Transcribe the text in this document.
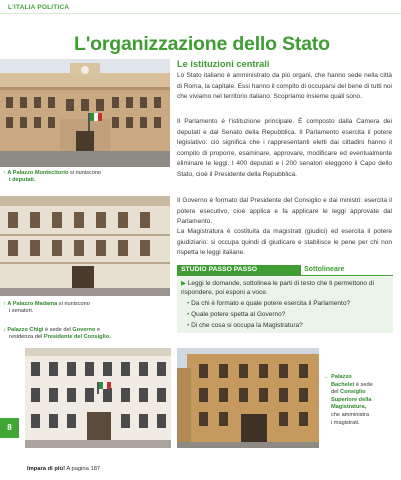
L'ITALIA POLITICA
L'organizzazione dello Stato
↑ A Palazzo Montecitorio si riuniscono
i deputati.
↑ A Palazzo Madama si riuniscono
i senatori.
↓ Palazzo Chigi è sede del Governo e
residenza del Presidente del Consiglio.
Le istituzioni centrali
Lo Stato italiano è amministrato da più organi, che hanno sede nella città di Roma, la capitale. Essi hanno il compito di occuparsi del bene di tutti noi che viviamo nel territorio italiano. Scopriamo insieme quali sono.
Il Parlamento è l'istituzione principale. È composto dalla Camera dei deputati e dal Senato della Repubblica. Il Parlamento esercita il potere legislativo: ciò significa che i rappresentanti eletti dai cittadini hanno il compito di proporre, esaminare, approvare, modificare ed eventualmente eliminare le leggi. I 400 deputati e i 200 senatori eleggono il Capo dello Stato, cioè il Presidente della Repubblica.
Il Governo è formato dal Presidente del Consiglio e dai ministri: esercita il potere esecutivo, cioè applica e fa applicare le leggi approvate dal Parlamento.
La Magistratura è costituita da magistrati (giudici) ed esercita il potere giudiziario: si occupa quindi di giudicare e stabilisce le pene per chi non rispetta le leggi italiane.
STUDIO PASSO PASSO	Sottolineare
▶ Leggi le domande, sottolinea le parti di testo che ti permettono di rispondere, poi esponi a voce.
• Da chi è formato e quale potere esercita il Parlamento?
• Quale potere spetta al Governo?
• Di che cosa si occupa la Magistratura?
← Palazzo
Bachelet è sede
del Consiglio
Superiore della
Magistratura,
che amministra
i magistrati.
8
Impara di più! A pagina 187
